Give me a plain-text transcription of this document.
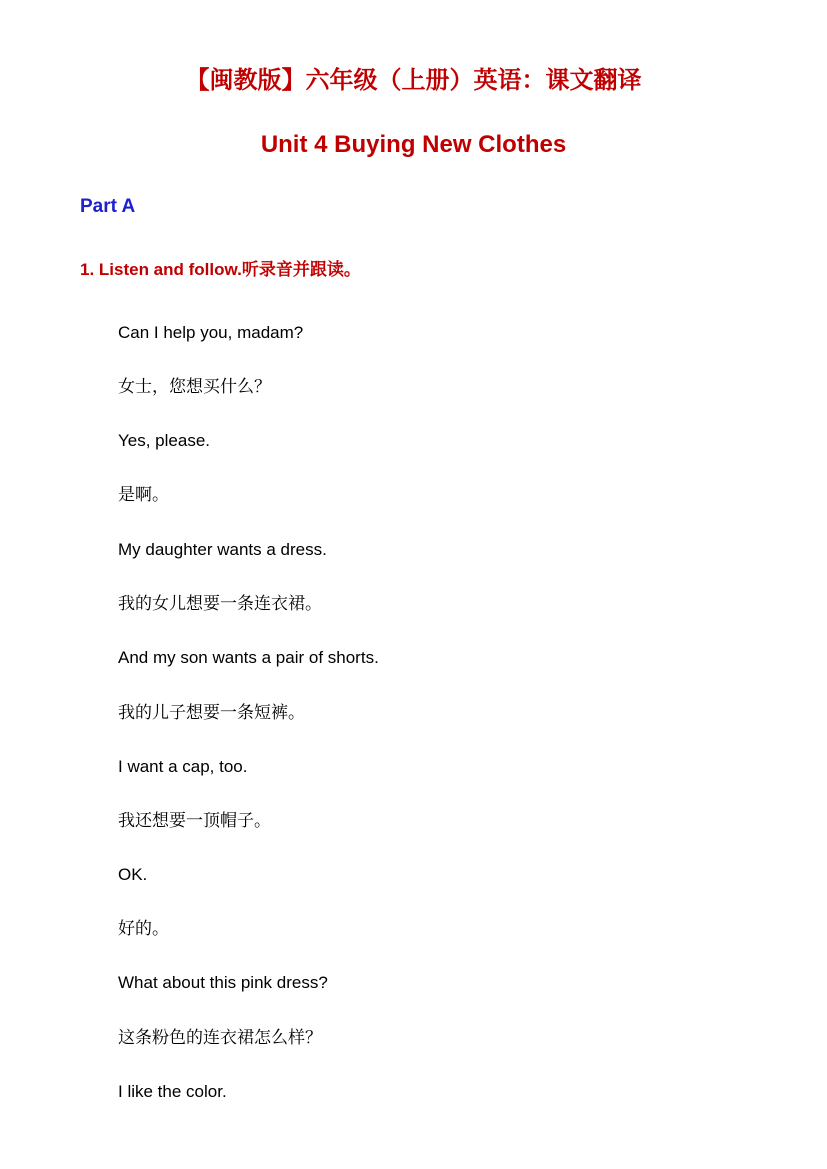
【闽教版】六年级（上册）英语：课文翻译
Unit 4 Buying New Clothes
Part A
1. Listen and follow.听录音并跟读。
Can I help you, madam?
女士，您想买什么？
Yes, please.
是啊。
My daughter wants a dress.
我的女儿想要一条连衣裙。
And my son wants a pair of shorts.
我的儿子想要一条短裤。
I want a cap, too.
我还想要一顶帽子。
OK.
好的。
What about this pink dress?
这条粉色的连衣裙怎么样？
I like the color.
